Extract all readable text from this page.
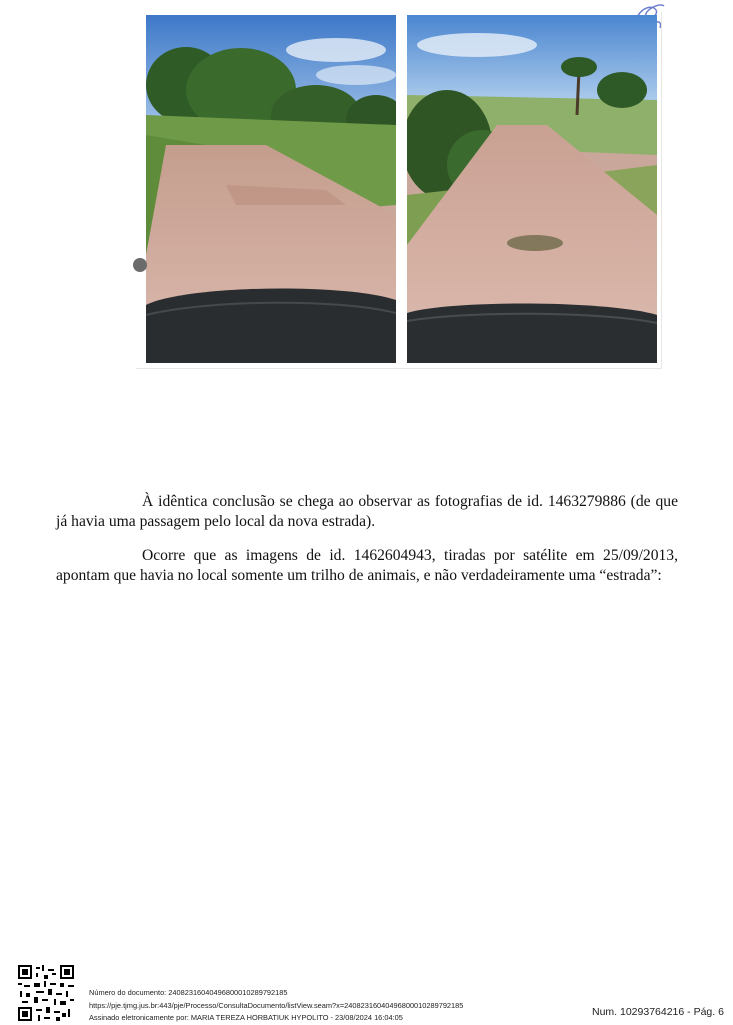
À idêntica conclusão se chega ao observar as fotografias de id. 1463279886 (de que já havia uma passagem pelo local da nova estrada).

Ocorre que as imagens de id. 1462604943, tiradas por satélite em 25/09/2013, apontam que havia no local somente um trilho de animais, e não verdadeiramente uma “estrada”:

Número do documento: 24082316040496800010289792185
https://pje.tjmg.jus.br:443/pje/Processo/ConsultaDocumento/listView.seam?x=24082316040496800010289792185
Assinado eletronicamente por: MARIA TEREZA HORBATIUK HYPOLITO - 23/08/2024 16:04:05	Num. 10293764216 - Pág. 6
